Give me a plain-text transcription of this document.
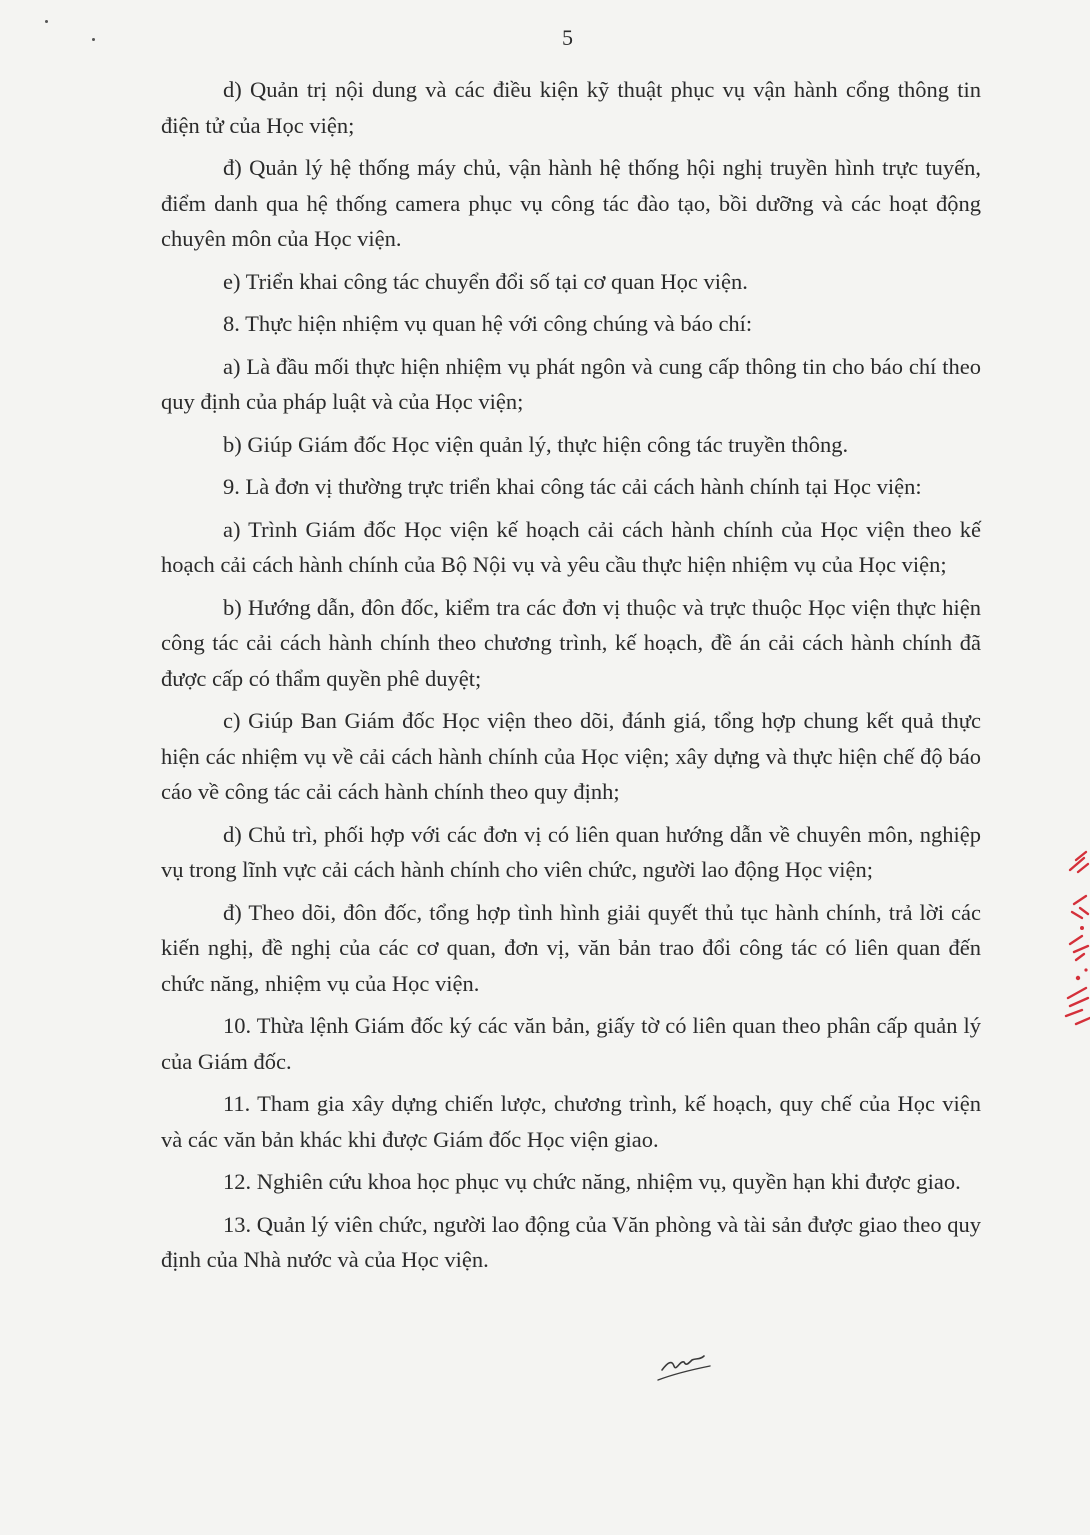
5

d) Quản trị nội dung và các điều kiện kỹ thuật phục vụ vận hành cổng thông tin điện tử của Học viện;

đ) Quản lý hệ thống máy chủ, vận hành hệ thống hội nghị truyền hình trực tuyến, điểm danh qua hệ thống camera phục vụ công tác đào tạo, bồi dưỡng và các hoạt động chuyên môn của Học viện.

e) Triển khai công tác chuyển đổi số tại cơ quan Học viện.

8. Thực hiện nhiệm vụ quan hệ với công chúng và báo chí:

a) Là đầu mối thực hiện nhiệm vụ phát ngôn và cung cấp thông tin cho báo chí theo quy định của pháp luật và của Học viện;

b) Giúp Giám đốc Học viện quản lý, thực hiện công tác truyền thông.

9. Là đơn vị thường trực triển khai công tác cải cách hành chính tại Học viện:

a) Trình Giám đốc Học viện kế hoạch cải cách hành chính của Học viện theo kế hoạch cải cách hành chính của Bộ Nội vụ và yêu cầu thực hiện nhiệm vụ của Học viện;

b) Hướng dẫn, đôn đốc, kiểm tra các đơn vị thuộc và trực thuộc Học viện thực hiện công tác cải cách hành chính theo chương trình, kế hoạch, đề án cải cách hành chính đã được cấp có thẩm quyền phê duyệt;

c) Giúp Ban Giám đốc Học viện theo dõi, đánh giá, tổng hợp chung kết quả thực hiện các nhiệm vụ về cải cách hành chính của Học viện; xây dựng và thực hiện chế độ báo cáo về công tác cải cách hành chính theo quy định;

d) Chủ trì, phối hợp với các đơn vị có liên quan hướng dẫn về chuyên môn, nghiệp vụ trong lĩnh vực cải cách hành chính cho viên chức, người lao động Học viện;

đ) Theo dõi, đôn đốc, tổng hợp tình hình giải quyết thủ tục hành chính, trả lời các kiến nghị, đề nghị của các cơ quan, đơn vị, văn bản trao đổi công tác có liên quan đến chức năng, nhiệm vụ của Học viện.

10. Thừa lệnh Giám đốc ký các văn bản, giấy tờ có liên quan theo phân cấp quản lý của Giám đốc.

11. Tham gia xây dựng chiến lược, chương trình, kế hoạch, quy chế của Học viện và các văn bản khác khi được Giám đốc Học viện giao.

12. Nghiên cứu khoa học phục vụ chức năng, nhiệm vụ, quyền hạn khi được giao.

13. Quản lý viên chức, người lao động của Văn phòng và tài sản được giao theo quy định của Nhà nước và của Học viện.
